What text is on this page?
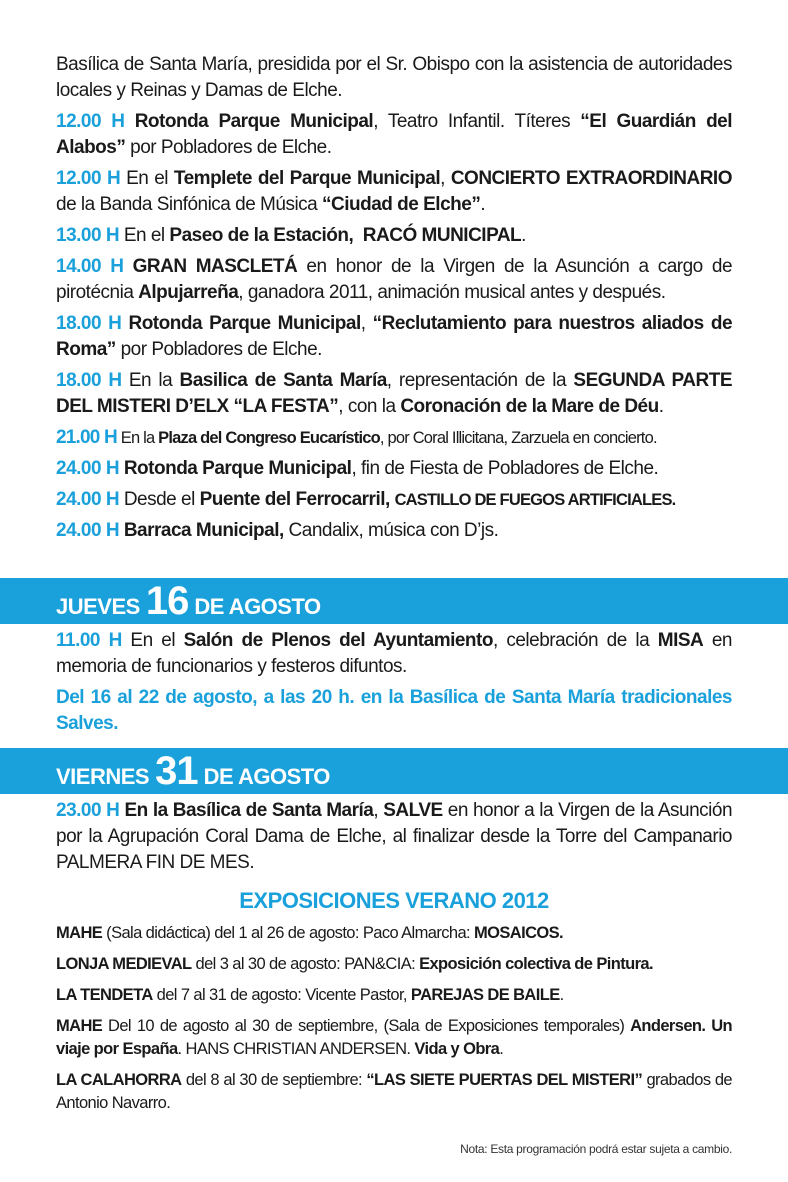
Basílica de Santa María, presidida por el Sr. Obispo con la asistencia de autoridades locales y Reinas y Damas de Elche.

12.00 H Rotonda Parque Municipal, Teatro Infantil. Títeres “El Guardián del Alabos” por Pobladores de Elche.

12.00 H En el Templete del Parque Municipal, CONCIERTO EXTRAORDINARIO de la Banda Sinfónica de Música “Ciudad de Elche”.

13.00 H En el Paseo de la Estación, RACÓ MUNICIPAL.

14.00 H GRAN MASCLETÁ en honor de la Virgen de la Asunción a cargo de pirotécnia Alpujarreña, ganadora 2011, animación musical antes y después.

18.00 H Rotonda Parque Municipal, “Reclutamiento para nuestros aliados de Roma” por Pobladores de Elche.

18.00 H En la Basilica de Santa María, representación de la SEGUNDA PARTE DEL MISTERI D’ELX “LA FESTA”, con la Coronación de la Mare de Déu.

21.00 H En la Plaza del Congreso Eucarístico, por Coral Illicitana, Zarzuela en concierto.

24.00 H Rotonda Parque Municipal, fin de Fiesta de Pobladores de Elche.

24.00 H Desde el Puente del Ferrocarril, CASTILLO DE FUEGOS ARTIFICIALES.

24.00 H Barraca Municipal, Candalix, música con D’js.

JUEVES 16 DE AGOSTO

11.00 H En el Salón de Plenos del Ayuntamiento, celebración de la MISA en memoria de funcionarios y festeros difuntos.

Del 16 al 22 de agosto, a las 20 h. en la Basílica de Santa María tradicionales Salves.

VIERNES 31 DE AGOSTO

23.00 H En la Basílica de Santa María, SALVE en honor a la Virgen de la Asunción por la Agrupación Coral Dama de Elche, al finalizar desde la Torre del Campanario PALMERA FIN DE MES.

EXPOSICIONES VERANO 2012

MAHE (Sala didáctica) del 1 al 26 de agosto: Paco Almarcha: MOSAICOS.

LONJA MEDIEVAL del 3 al 30 de agosto: PAN&CIA: Exposición colectiva de Pintura.

LA TENDETA del 7 al 31 de agosto: Vicente Pastor, PAREJAS DE BAILE.

MAHE Del 10 de agosto al 30 de septiembre, (Sala de Exposiciones temporales) Andersen. Un viaje por España. HANS CHRISTIAN ANDERSEN. Vida y Obra.

LA CALAHORRA del 8 al 30 de septiembre: “LAS SIETE PUERTAS DEL MISTERI” grabados de Antonio Navarro.

Nota: Esta programación podrá estar sujeta a cambio.
